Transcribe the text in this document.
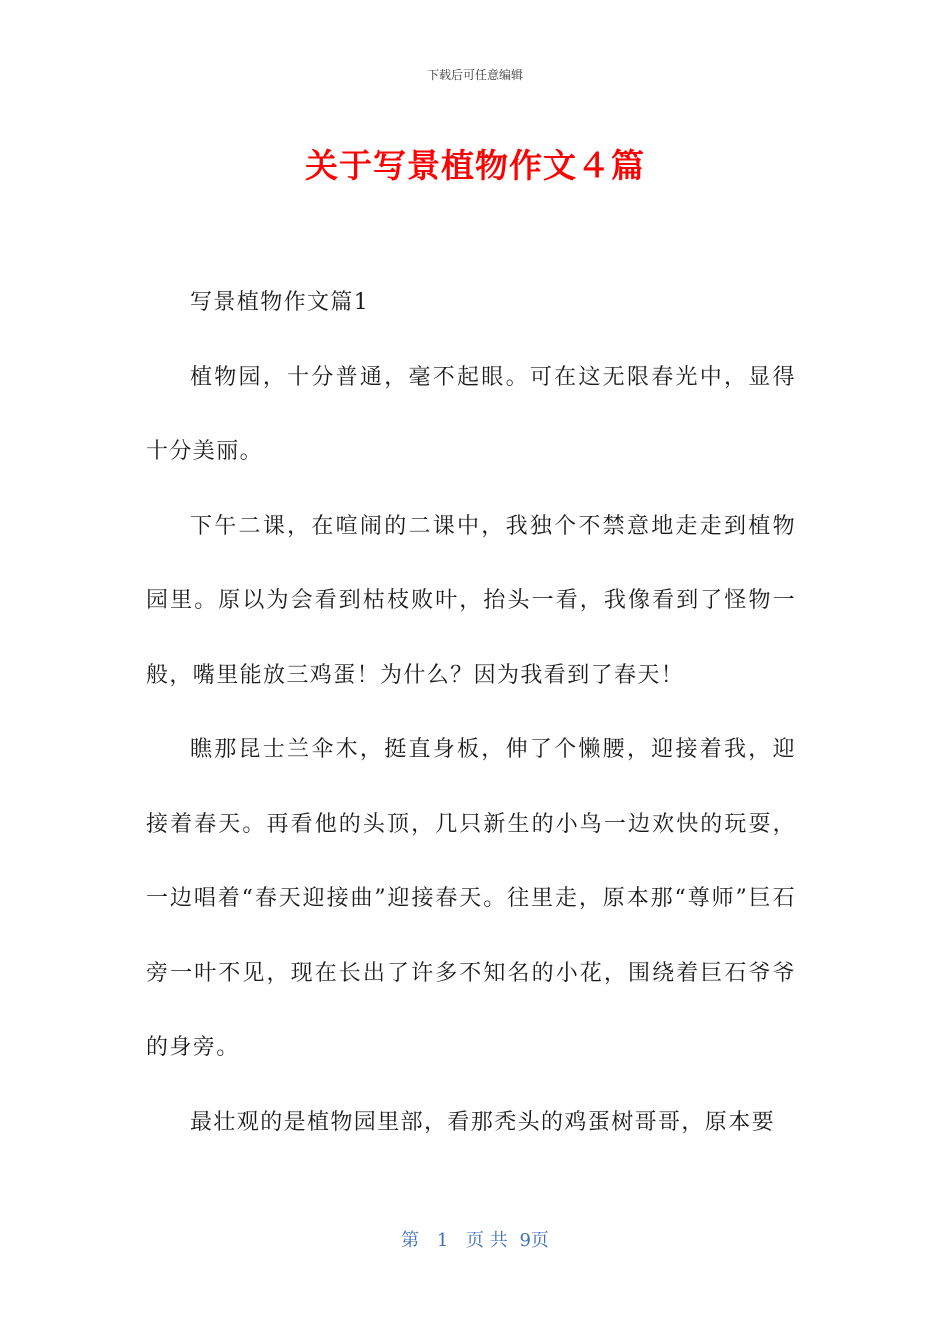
下载后可任意编辑
关于写景植物作文４篇

写景植物作文篇1

植物园，十分普通，毫不起眼。可在这无限春光中，显得十分美丽。

下午二课，在喧闹的二课中，我独个不禁意地走走到植物园里。原以为会看到枯枝败叶，抬头一看，我像看到了怪物一般，嘴里能放三鸡蛋！为什么？因为我看到了春天！

瞧那昆士兰伞木，挺直身板，伸了个懒腰，迎接着我，迎接着春天。再看他的头顶，几只新生的小鸟一边欢快的玩耍，一边唱着“春天迎接曲”迎接春天。往里走，原本那“尊师”巨石旁一叶不见，现在长出了许多不知名的小花，围绕着巨石爷爷的身旁。

最壮观的是植物园里部，看那秃头的鸡蛋树哥哥，原本要

第 1 页 共 9页
